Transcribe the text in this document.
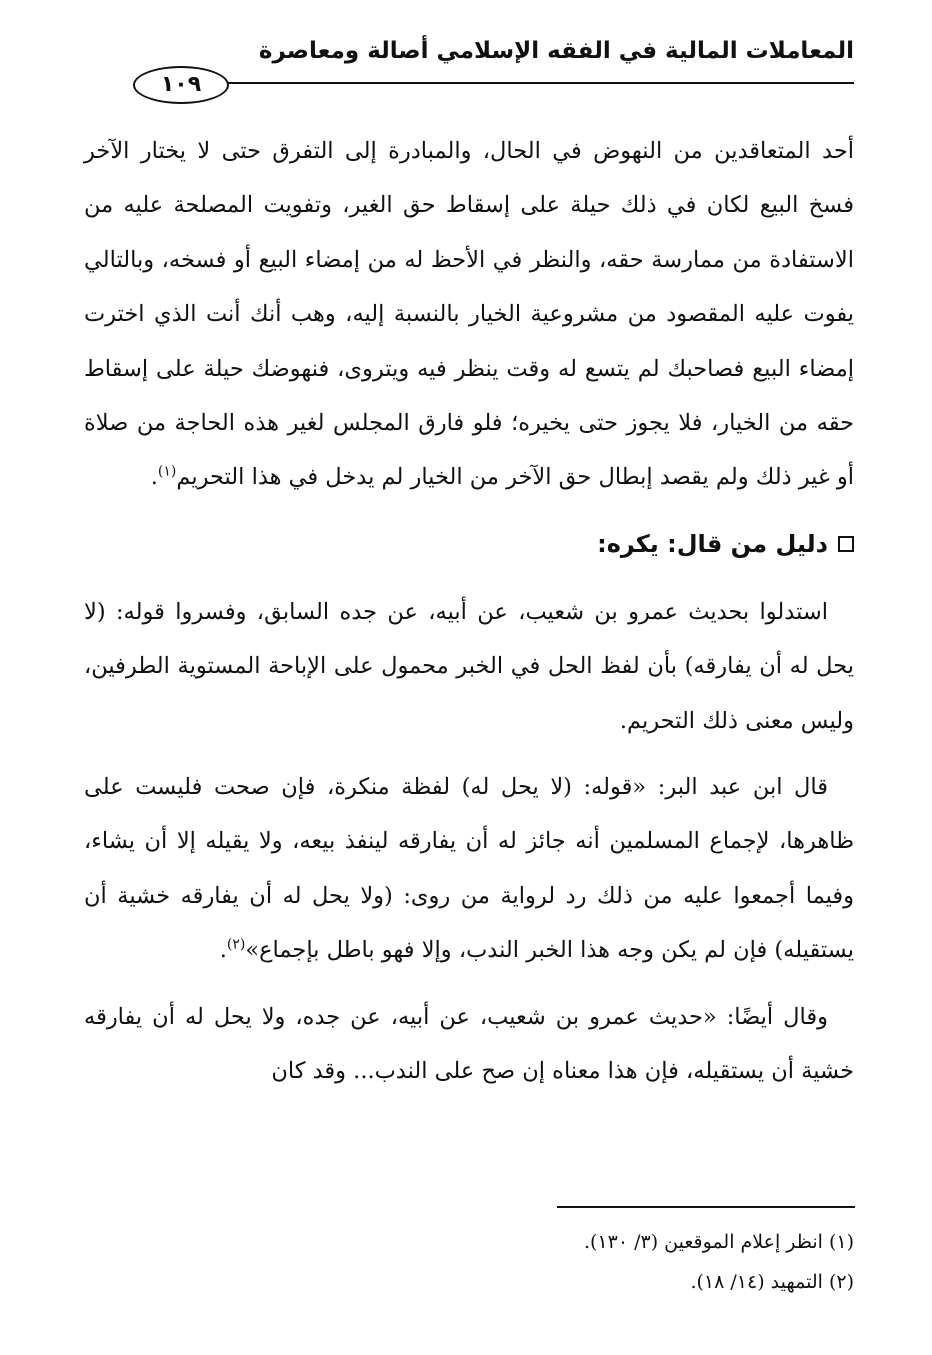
المعاملات المالية في الفقه الإسلامي أصالة ومعاصرة
١٠٩

أحد المتعاقدين من النهوض في الحال، والمبادرة إلى التفرق حتى لا يختار الآخر فسخ البيع لكان في ذلك حيلة على إسقاط حق الغير، وتفويت المصلحة عليه من الاستفادة من ممارسة حقه، والنظر في الأحظ له من إمضاء البيع أو فسخه، وبالتالي يفوت عليه المقصود من مشروعية الخيار بالنسبة إليه، وهب أنك أنت الذي اخترت إمضاء البيع فصاحبك لم يتسع له وقت ينظر فيه ويتروى، فنهوضك حيلة على إسقاط حقه من الخيار، فلا يجوز حتى يخيره؛ فلو فارق المجلس لغير هذه الحاجة من صلاة أو غير ذلك ولم يقصد إبطال حق الآخر من الخيار لم يدخل في هذا التحريم$^{(١)}$.

دليل من قال: يكره:

استدلوا بحديث عمرو بن شعيب، عن أبيه، عن جده السابق، وفسروا قوله: (لا يحل له أن يفارقه) بأن لفظ الحل في الخبر محمول على الإباحة المستوية الطرفين، وليس معنى ذلك التحريم.

قال ابن عبد البر: «قوله: (لا يحل له) لفظة منكرة، فإن صحت فليست على ظاهرها، لإجماع المسلمين أنه جائز له أن يفارقه لينفذ بيعه، ولا يقيله إلا أن يشاء، وفيما أجمعوا عليه من ذلك رد لرواية من روى: (ولا يحل له أن يفارقه خشية أن يستقيله) فإن لم يكن وجه هذا الخبر الندب، وإلا فهو باطل بإجماع»$^{(٢)}$.

وقال أيضًا: «حديث عمرو بن شعيب، عن أبيه، عن جده، ولا يحل له أن يفارقه خشية أن يستقيله، فإن هذا معناه إن صح على الندب... وقد كان

(١) انظر إعلام الموقعين (٣/ ١٣٠).

(٢) التمهيد (١٤/ ١٨).
